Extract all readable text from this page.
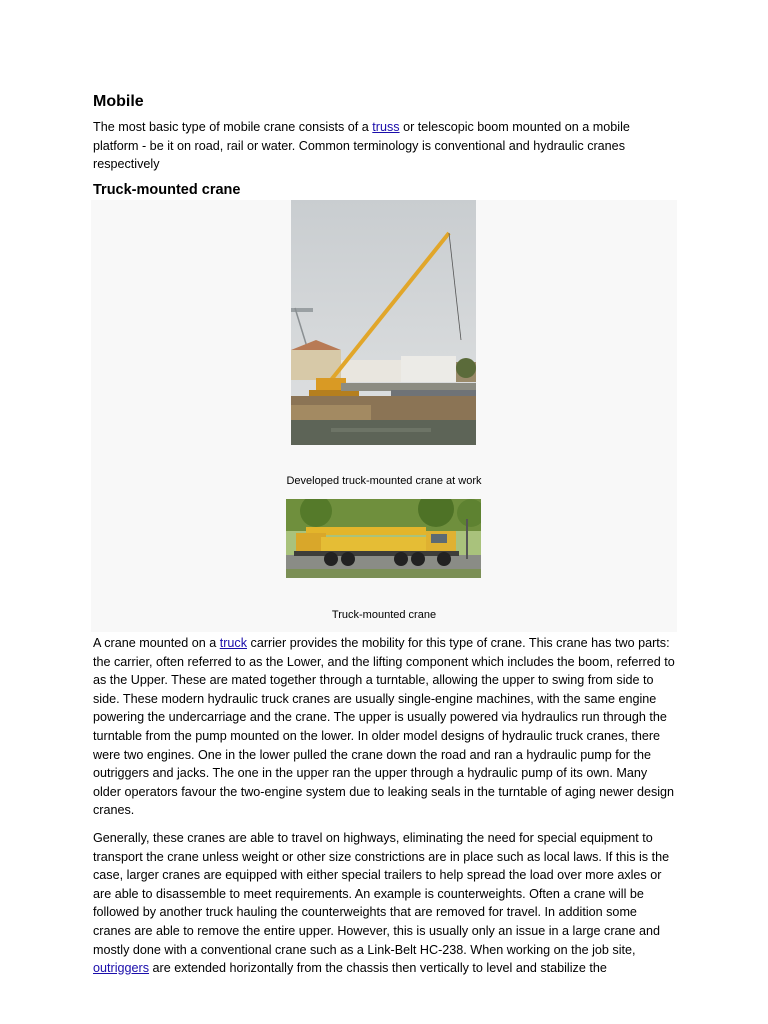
Mobile

The most basic type of mobile crane consists of a truss or telescopic boom mounted on a mobile platform - be it on road, rail or water. Common terminology is conventional and hydraulic cranes respectively

Truck-mounted crane
Developed truck-mounted crane at work
Truck-mounted crane

A crane mounted on a truck carrier provides the mobility for this type of crane. This crane has two parts: the carrier, often referred to as the Lower, and the lifting component which includes the boom, referred to as the Upper. These are mated together through a turntable, allowing the upper to swing from side to side. These modern hydraulic truck cranes are usually single-engine machines, with the same engine powering the undercarriage and the crane. The upper is usually powered via hydraulics run through the turntable from the pump mounted on the lower. In older model designs of hydraulic truck cranes, there were two engines. One in the lower pulled the crane down the road and ran a hydraulic pump for the outriggers and jacks. The one in the upper ran the upper through a hydraulic pump of its own. Many older operators favour the two-engine system due to leaking seals in the turntable of aging newer design cranes.

Generally, these cranes are able to travel on highways, eliminating the need for special equipment to transport the crane unless weight or other size constrictions are in place such as local laws. If this is the case, larger cranes are equipped with either special trailers to help spread the load over more axles or are able to disassemble to meet requirements. An example is counterweights. Often a crane will be followed by another truck hauling the counterweights that are removed for travel. In addition some cranes are able to remove the entire upper. However, this is usually only an issue in a large crane and mostly done with a conventional crane such as a Link-Belt HC-238. When working on the job site, outriggers are extended horizontally from the chassis then vertically to level and stabilize the
